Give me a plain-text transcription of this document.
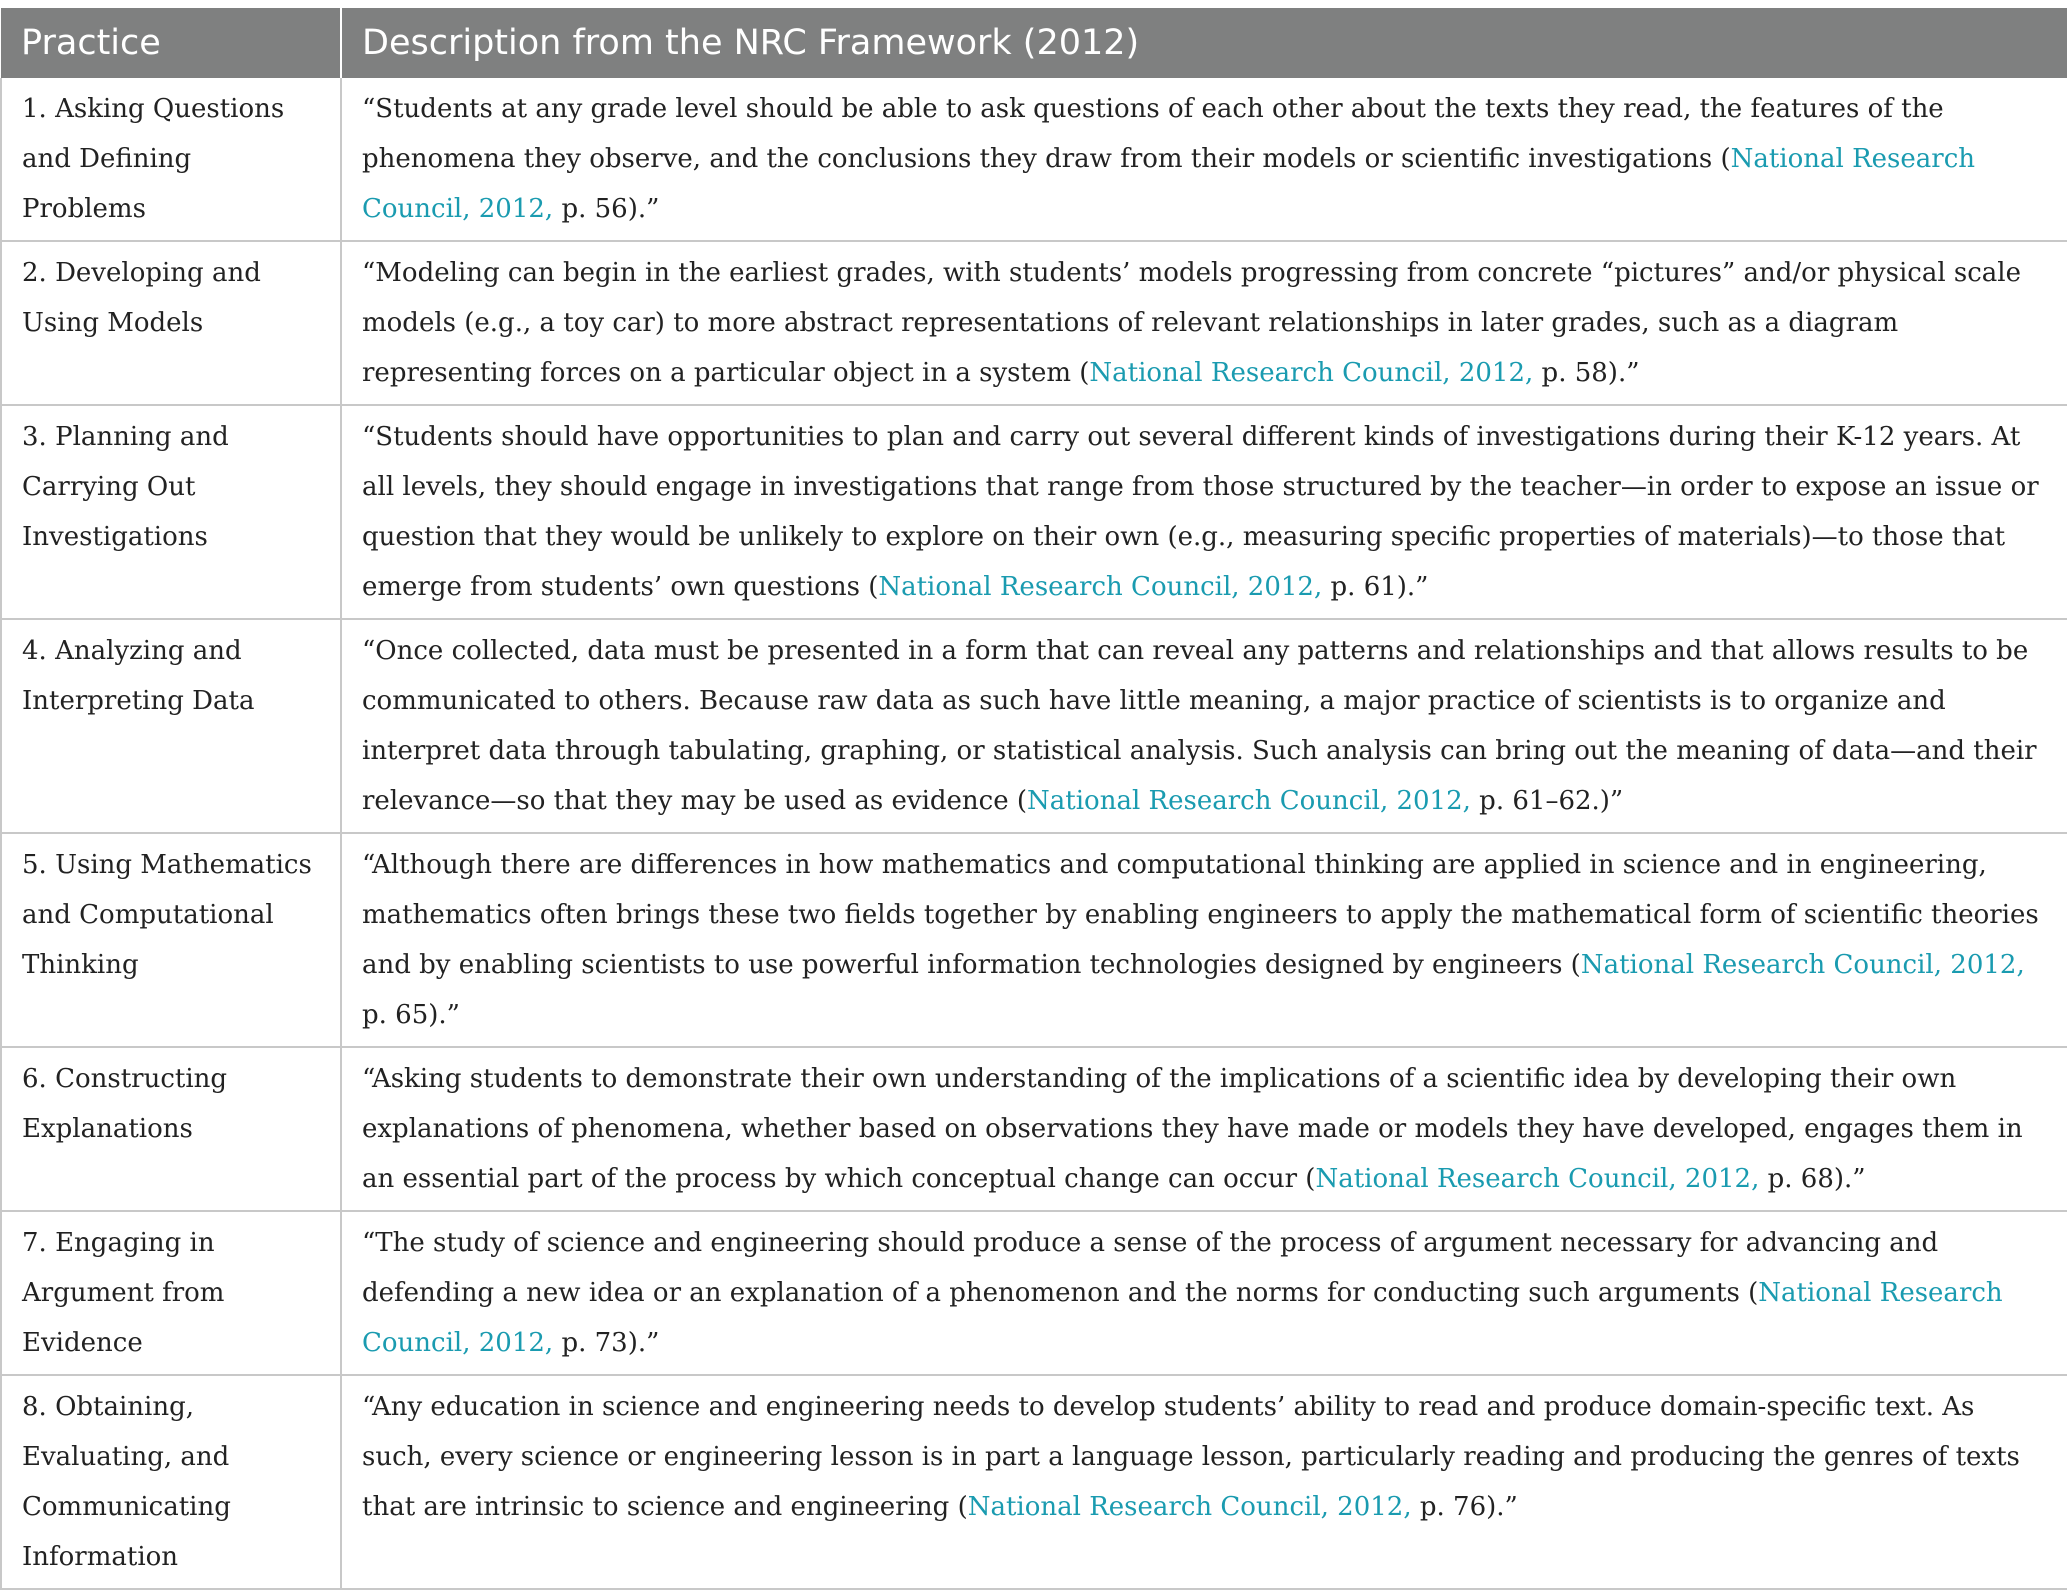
Practice	Description from the NRC Framework (2012)
1. Asking Questions and Defining Problems	“Students at any grade level should be able to ask questions of each other about the texts they read, the features of the phenomena they observe, and the conclusions they draw from their models or scientific investigations (National Research Council, 2012, p. 56).”
2. Developing and Using Models	“Modeling can begin in the earliest grades, with students’ models progressing from concrete “pictures” and/or physical scale models (e.g., a toy car) to more abstract representations of relevant relationships in later grades, such as a diagram representing forces on a particular object in a system (National Research Council, 2012, p. 58).”
3. Planning and Carrying Out Investigations	“Students should have opportunities to plan and carry out several different kinds of investigations during their K-12 years. At all levels, they should engage in investigations that range from those structured by the teacher—in order to expose an issue or question that they would be unlikely to explore on their own (e.g., measuring specific properties of materials)—to those that emerge from students’ own questions (National Research Council, 2012, p. 61).”
4. Analyzing and Interpreting Data	“Once collected, data must be presented in a form that can reveal any patterns and relationships and that allows results to be communicated to others. Because raw data as such have little meaning, a major practice of scientists is to organize and interpret data through tabulating, graphing, or statistical analysis. Such analysis can bring out the meaning of data—and their relevance—so that they may be used as evidence (National Research Council, 2012, p. 61–62.)”
5. Using Mathematics and Computational Thinking	“Although there are differences in how mathematics and computational thinking are applied in science and in engineering, mathematics often brings these two fields together by enabling engineers to apply the mathematical form of scientific theories and by enabling scientists to use powerful information technologies designed by engineers (National Research Council, 2012, p. 65).”
6. Constructing Explanations	“Asking students to demonstrate their own understanding of the implications of a scientific idea by developing their own explanations of phenomena, whether based on observations they have made or models they have developed, engages them in an essential part of the process by which conceptual change can occur (National Research Council, 2012, p. 68).”
7. Engaging in Argument from Evidence	“The study of science and engineering should produce a sense of the process of argument necessary for advancing and defending a new idea or an explanation of a phenomenon and the norms for conducting such arguments (National Research Council, 2012, p. 73).”
8. Obtaining, Evaluating, and Communicating Information	“Any education in science and engineering needs to develop students’ ability to read and produce domain-specific text. As such, every science or engineering lesson is in part a language lesson, particularly reading and producing the genres of texts that are intrinsic to science and engineering (National Research Council, 2012, p. 76).”
